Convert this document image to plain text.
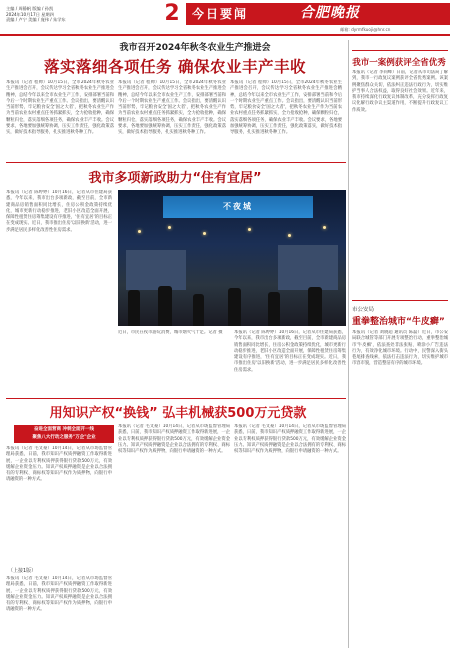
主编 / 周静帆 版编 / 孙凯
2024年10月17日 星期四
责编 / 卢宁 美编 / 庞伟 / 朱学东	2 今日要闻	合肥晚报
邮箱: dyrmfkuoji@hnr.cn
我市召开2024年秋冬农业生产推进会
落实落细各项任务 确保农业丰产丰收
本报讯（记者 程帅）10月15日，全市2024年秋冬农业生产推进会召开，会议传达学习全省秋冬农业生产推进会精神，总结今年以来全市农业生产工作，安排部署当前和今后一个时期农业生产重点工作。会议指出，要清醒认识当前形势，牢记粮食安全'国之大者'，把秋冬农业生产作为当前农业农村重点任务抓紧抓实，全力抢收抢种，确保颗粒归仓，落实落细各项任务，确保农业丰产丰收。会议要求，各地要加强统筹协调，压实工作责任，强化政策落实，做好技术指导服务，扎实推进秋冬种工作。
本报讯（记者 程帅）10月15日，全市2024年秋冬农业生产推进会召开，会议传达学习全省秋冬农业生产推进会精神，总结今年以来全市农业生产工作，安排部署当前和今后一个时期农业生产重点工作。会议指出，要清醒认识当前形势，牢记粮食安全'国之大者'，把秋冬农业生产作为当前农业农村重点任务抓紧抓实，全力抢收抢种，确保颗粒归仓，落实落细各项任务，确保农业丰产丰收。会议要求，各地要加强统筹协调，压实工作责任，强化政策落实，做好技术指导服务，扎实推进秋冬种工作。
本报讯（记者 程帅）10月15日，全市2024年秋冬农业生产推进会召开，会议传达学习全省秋冬农业生产推进会精神，总结今年以来全市农业生产工作，安排部署当前和今后一个时期农业生产重点工作。会议指出，要清醒认识当前形势，牢记粮食安全'国之大者'，把秋冬农业生产作为当前农业农村重点任务抓紧抓实，全力抢收抢种，确保颗粒归仓，落实落细各项任务，确保农业丰产丰收。会议要求，各地要加强统筹协调，压实工作责任，强化政策落实，做好技术指导服务，扎实推进秋冬种工作。
我市多项新政助力“住有宜居”
本报讯（记者 陈婷婷）10月16日，记者从市住建局获悉，今年以来，我市出台多项新政，截至目前，全市新建商品房销售面积同比增长，住房公积金政策持续优化，城市更新行动稳步推进，老旧小区改造全面开展，保障性租赁住房筹集建设有序推进，'住有宜居'的目标正在变成现实。近日，我市推出住房'以旧换新'活动，进一步满足居民多样化改善性住房需求。
不夜城
近日，市民在夜市游玩消费，城市烟火气十足。记者 摄	本报讯（记者 陈婷婷）10月16日，记者从市住建局获悉，今年以来，我市出台多项新政，截至目前，全市新建商品房销售面积同比增长，住房公积金政策持续优化，城市更新行动稳步推进，老旧小区改造全面开展，保障性租赁住房筹集建设有序推进，'住有宜居'的目标正在变成现实。近日，我市推出住房'以旧换新'活动，进一步满足居民多样化改善性住房需求。
用知识产权“换钱” 弘丰机械获500万元贷款
奋进全面营商 冲刺全面开一线
聚焦八大行动之服务"万企"企业
本报讯（记者 毛文豪）10月14日，记者从市场监督管理局获悉，日前，我市知识产权质押融资工作取得新进展，一企业以专利权质押获得银行贷款500万元，有效缓解企业资金压力。知识产权质押融资是企业以合法拥有的专利权、商标权等知识产权作为质押物，向银行申请融资的一种方式。
本报讯（记者 毛文豪）10月14日，记者从市场监督管理局获悉，日前，我市知识产权质押融资工作取得新进展，一企业以专利权质押获得银行贷款500万元，有效缓解企业资金压力。知识产权质押融资是企业以合法拥有的专利权、商标权等知识产权作为质押物，向银行申请融资的一种方式。
本报讯（记者 毛文豪）10月14日，记者从市场监督管理局获悉，日前，我市知识产权质押融资工作取得新进展，一企业以专利权质押获得银行贷款500万元，有效缓解企业资金压力。知识产权质押融资是企业以合法拥有的专利权、商标权等知识产权作为质押物，向银行申请融资的一种方式。
（上接1版）
本报讯（记者 毛文豪）10月14日，记者从市场监督管理局获悉，日前，我市知识产权质押融资工作取得新进展，一企业以专利权质押获得银行贷款500万元，有效缓解企业资金压力。知识产权质押融资是企业以合法拥有的专利权、商标权等知识产权作为质押物，向银行申请融资的一种方式。
我市一案例获评全省优秀
本报讯（记者 李尚峰）日前，记者从市司法局了解到，我市一行政复议案例获评全省优秀案例。该案例聚焦群众关切，依法纠正违法行政行为，切实维护当事人合法权益，取得良好社会效果。近年来，我市持续深化行政复议体制改革，充分发挥行政复议化解行政争议主渠道作用，不断提升行政复议工作质效。
市公安局
重拳整治城市“牛皮癣”
本报讯（记者 刘晓超 通讯员 陈磊）近日，市公安局联合城管等部门开展专项整治行动，重拳整治城市'牛皮癣'，依法查处非法张贴、喷涂小广告违法行为，有效净化城市环境。行动中，民警深入街头巷尾排查线索，依法打击违法行为，切实维护城市市容市貌，营造整洁有序的城市环境。
